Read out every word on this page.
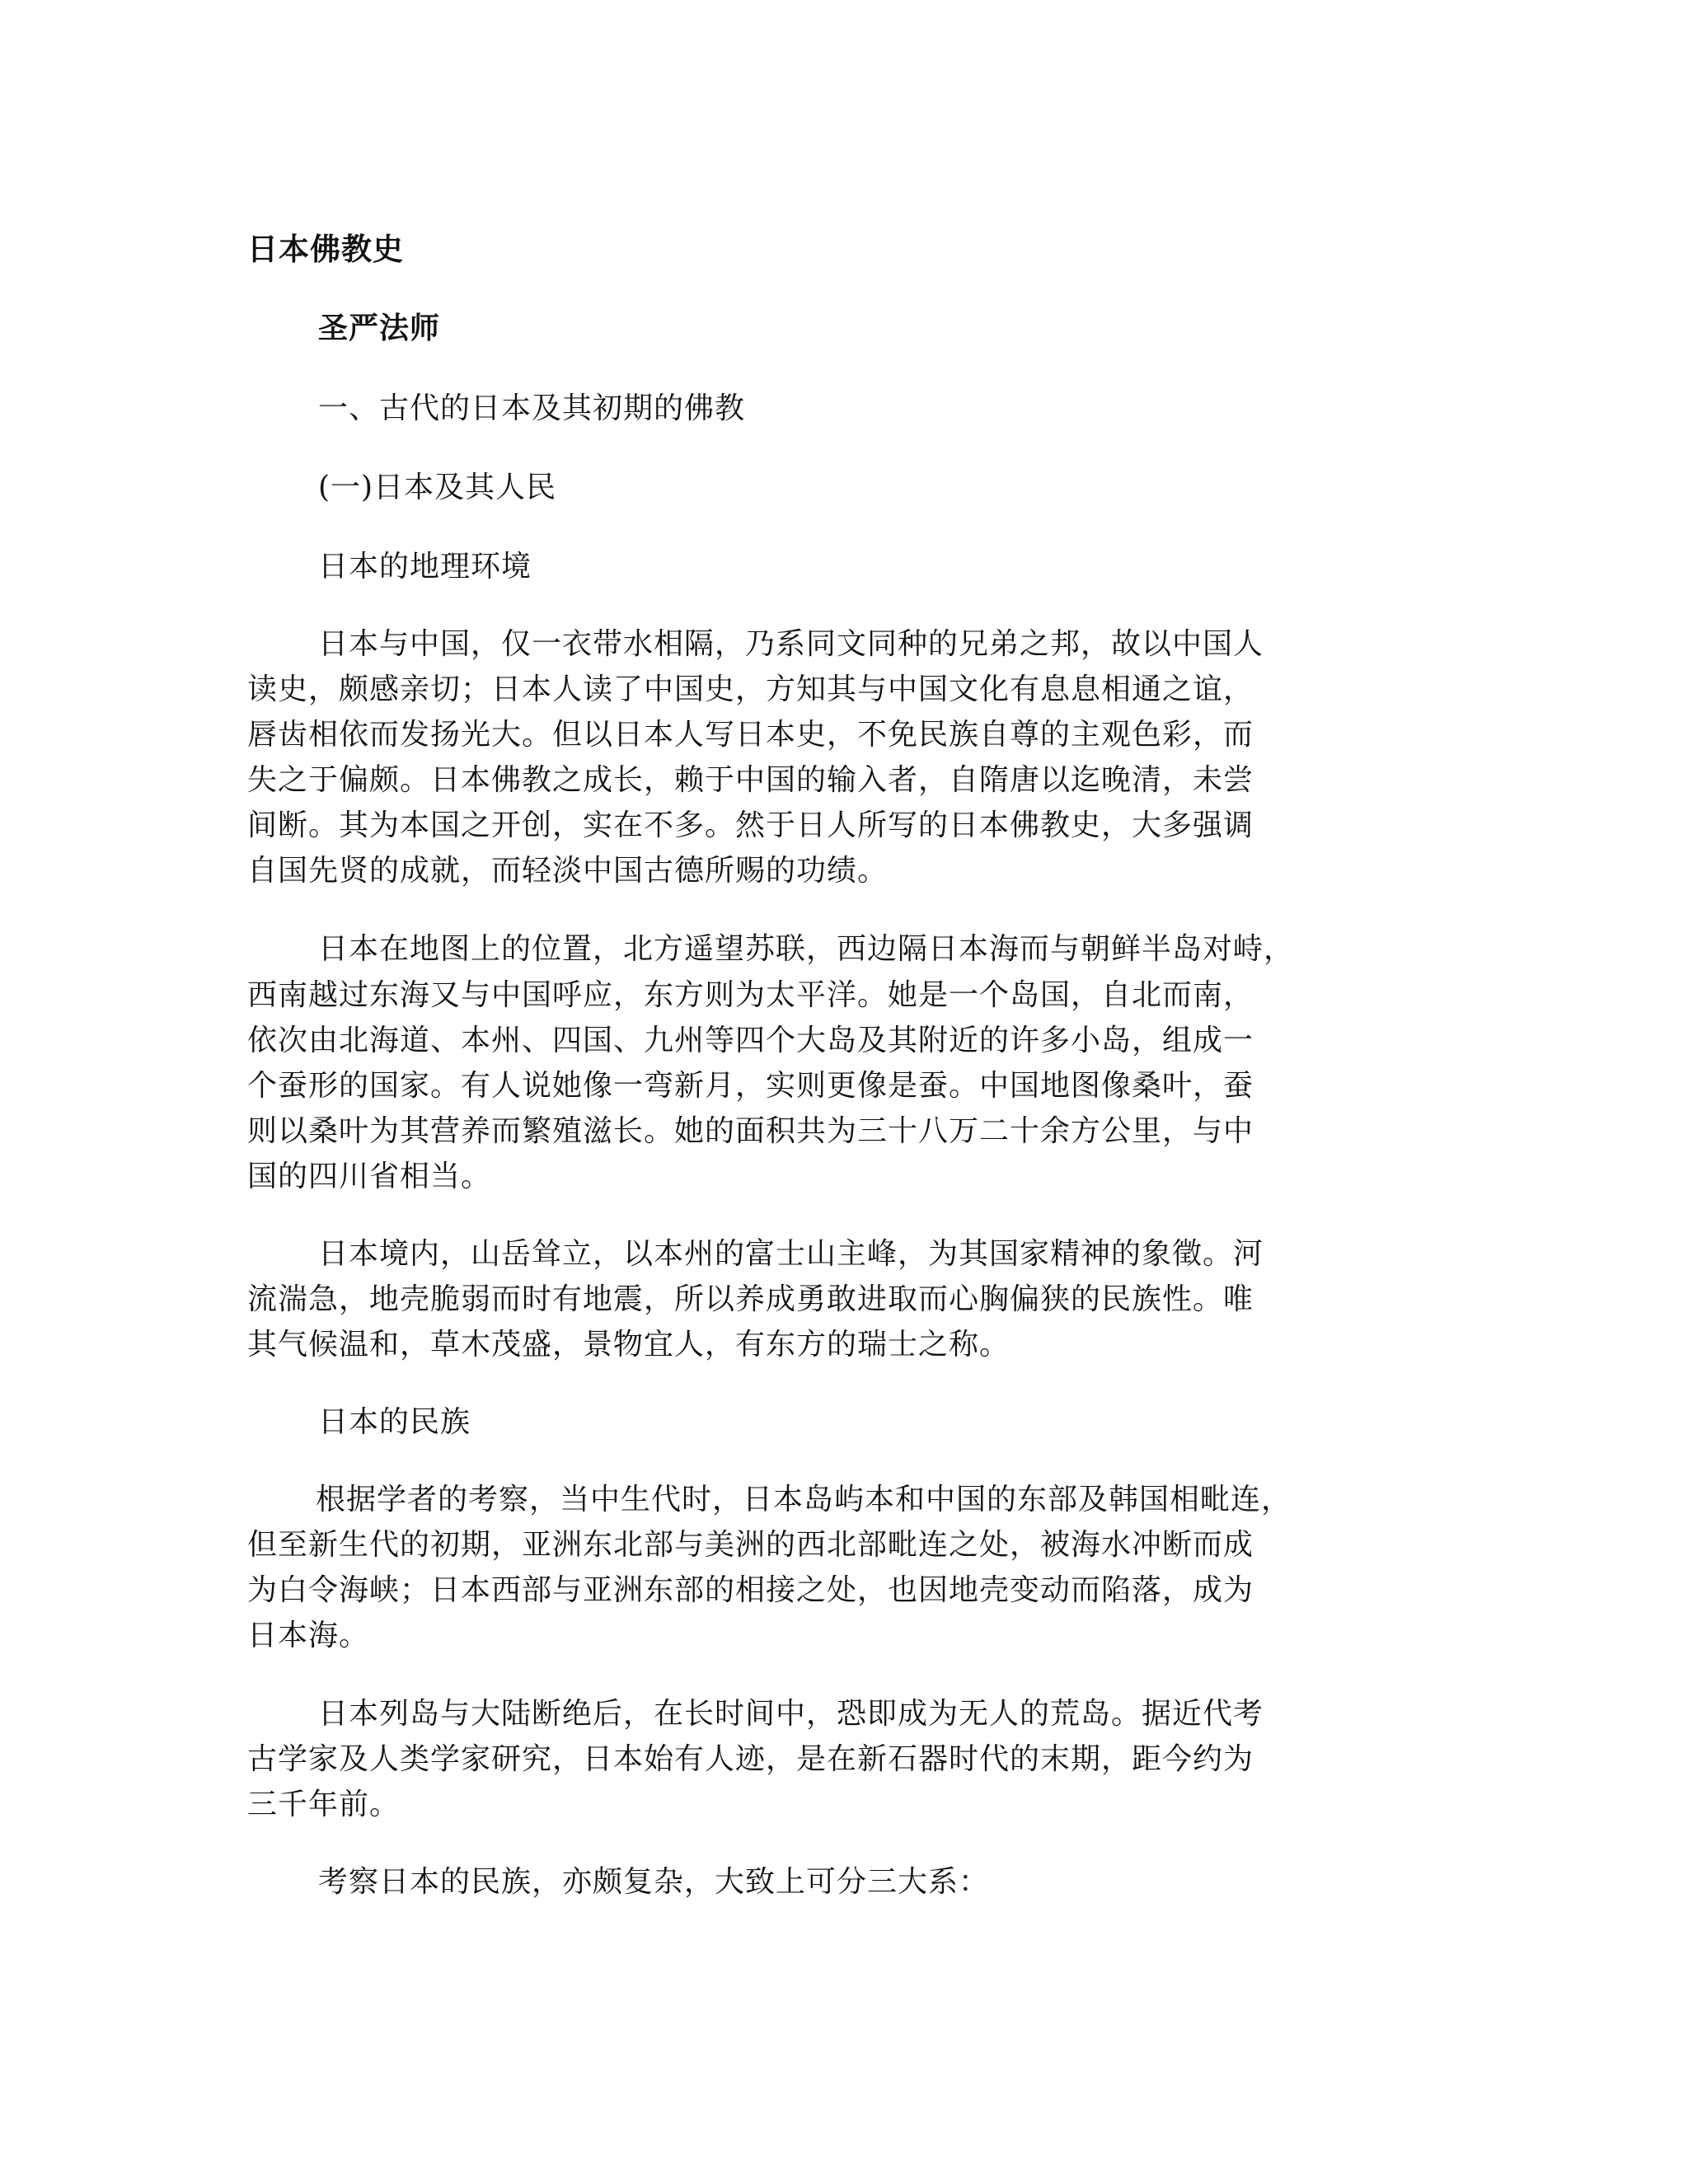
日本佛教史

圣严法师

一、古代的日本及其初期的佛教

(一)日本及其人民

日本的地理环境

日本与中国，仅一衣带水相隔，乃系同文同种的兄弟之邦，故以中国人

读史，颇感亲切；日本人读了中国史，方知其与中国文化有息息相通之谊，

唇齿相依而发扬光大。但以日本人写日本史，不免民族自尊的主观色彩，而

失之于偏颇。日本佛教之成长，赖于中国的输入者，自隋唐以迄晚清，未尝

间断。其为本国之开创，实在不多。然于日人所写的日本佛教史，大多强调

自国先贤的成就，而轻淡中国古德所赐的功绩。

日本在地图上的位置，北方遥望苏联，西边隔日本海而与朝鲜半岛对峙，

西南越过东海又与中国呼应，东方则为太平洋。她是一个岛国，自北而南，

依次由北海道、本州、四国、九州等四个大岛及其附近的许多小岛，组成一

个蚕形的国家。有人说她像一弯新月，实则更像是蚕。中国地图像桑叶，蚕

则以桑叶为其营养而繁殖滋长。她的面积共为三十八万二十余方公里，与中

国的四川省相当。

日本境内，山岳耸立，以本州的富士山主峰，为其国家精神的象徵。河

流湍急，地壳脆弱而时有地震，所以养成勇敢进取而心胸偏狭的民族性。唯

其气候温和，草木茂盛，景物宜人，有东方的瑞士之称。

日本的民族

根据学者的考察，当中生代时，日本岛屿本和中国的东部及韩国相毗连，

但至新生代的初期，亚洲东北部与美洲的西北部毗连之处，被海水冲断而成

为白令海峡；日本西部与亚洲东部的相接之处，也因地壳变动而陷落，成为

日本海。

日本列岛与大陆断绝后，在长时间中，恐即成为无人的荒岛。据近代考

古学家及人类学家研究，日本始有人迹，是在新石器时代的末期，距今约为

三千年前。

考察日本的民族，亦颇复杂，大致上可分三大系：
